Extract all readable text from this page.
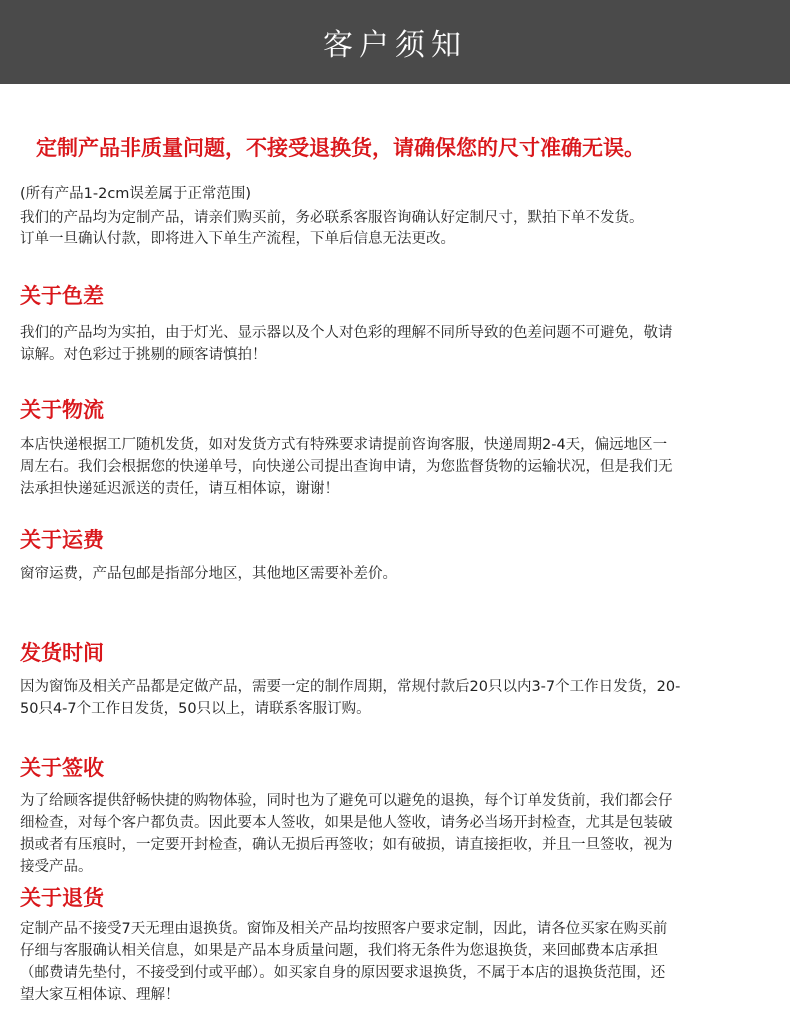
客户须知
定制产品非质量问题，不接受退换货，请确保您的尺寸准确无误。
(所有产品1-2cm误差属于正常范围)

我们的产品均为定制产品，请亲们购买前，务必联系客服咨询确认好定制尺寸，默拍下单不发货。

订单一旦确认付款，即将进入下单生产流程，下单后信息无法更改。

关于色差

我们的产品均为实拍，由于灯光、显示器以及个人对色彩的理解不同所导致的色差问题不可避免，敬请

谅解。对色彩过于挑剔的顾客请慎拍！

关于物流

本店快递根据工厂随机发货，如对发货方式有特殊要求请提前咨询客服，快递周期2-4天，偏远地区一

周左右。我们会根据您的快递单号，向快递公司提出查询申请，为您监督货物的运输状况，但是我们无

法承担快递延迟派送的责任，请互相体谅，谢谢！

关于运费

窗帘运费，产品包邮是指部分地区，其他地区需要补差价。

发货时间

因为窗饰及相关产品都是定做产品，需要一定的制作周期，常规付款后20只以内3-7个工作日发货，20-

50只4-7个工作日发货，50只以上，请联系客服订购。

关于签收

为了给顾客提供舒畅快捷的购物体验，同时也为了避免可以避免的退换，每个订单发货前，我们都会仔

细检查，对每个客户都负责。因此要本人签收，如果是他人签收，请务必当场开封检查，尤其是包装破

损或者有压痕时，一定要开封检查，确认无损后再签收；如有破损，请直接拒收，并且一旦签收，视为

接受产品。

关于退货

定制产品不接受7天无理由退换货。窗饰及相关产品均按照客户要求定制，因此，请各位买家在购买前

仔细与客服确认相关信息，如果是产品本身质量问题，我们将无条件为您退换货，来回邮费本店承担

（邮费请先垫付，不接受到付或平邮）。如买家自身的原因要求退换货，不属于本店的退换货范围，还

望大家互相体谅、理解！
